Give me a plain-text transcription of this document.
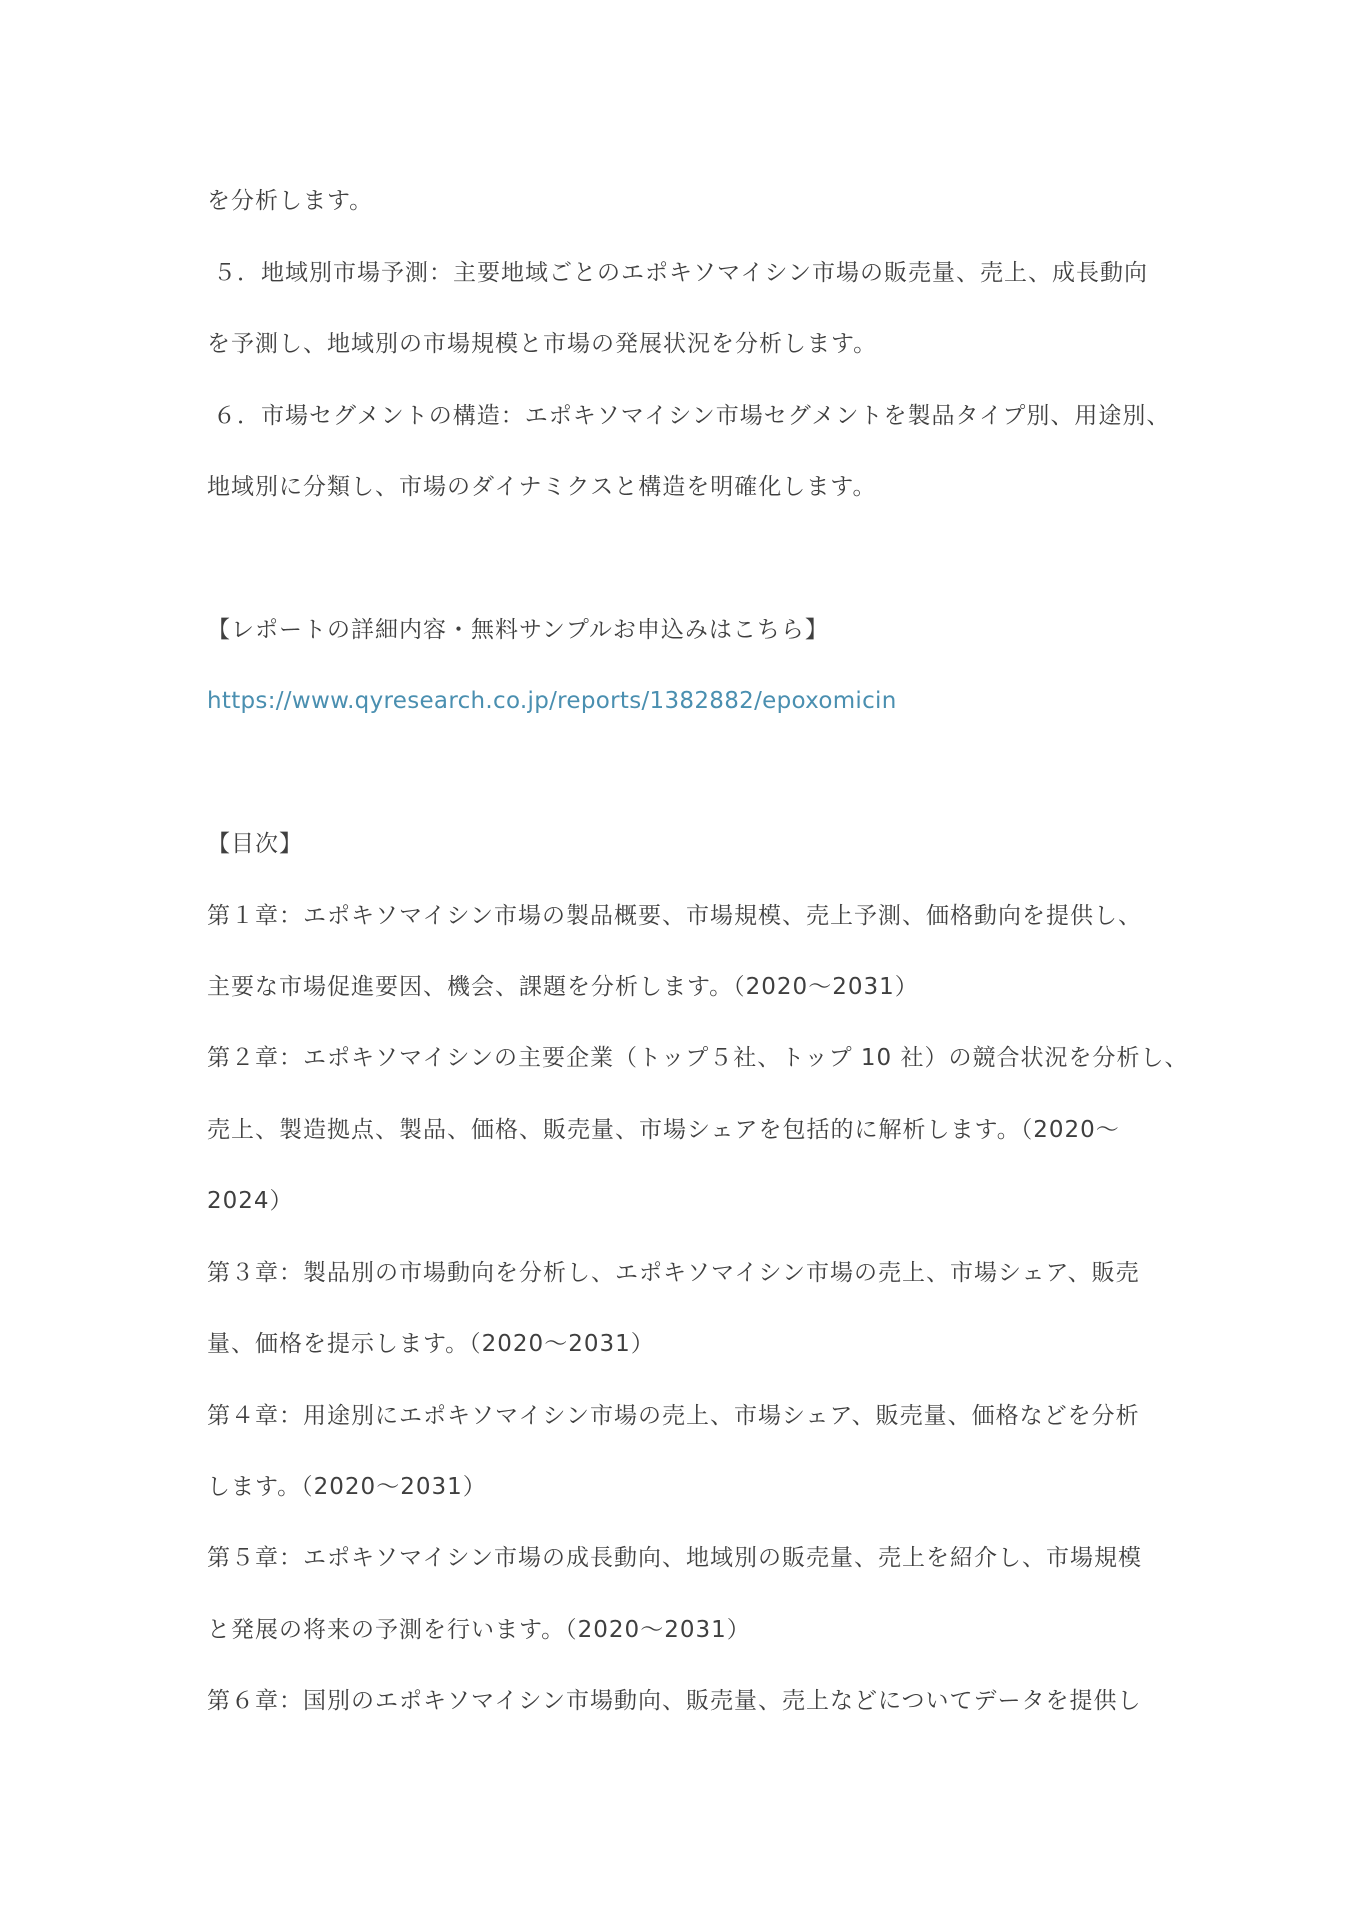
を分析します。
５．地域別市場予測：主要地域ごとのエポキソマイシン市場の販売量、売上、成長動向
を予測し、地域別の市場規模と市場の発展状況を分析します。
６．市場セグメントの構造：エポキソマイシン市場セグメントを製品タイプ別、用途別、
地域別に分類し、市場のダイナミクスと構造を明確化します。
【レポートの詳細内容・無料サンプルお申込みはこちら】
https://www.qyresearch.co.jp/reports/1382882/epoxomicin
【目次】
第１章：エポキソマイシン市場の製品概要、市場規模、売上予測、価格動向を提供し、
主要な市場促進要因、機会、課題を分析します。（2020～2031）
第２章：エポキソマイシンの主要企業（トップ５社、トップ 10 社）の競合状況を分析し、
売上、製造拠点、製品、価格、販売量、市場シェアを包括的に解析します。（2020～
2024）
第３章：製品別の市場動向を分析し、エポキソマイシン市場の売上、市場シェア、販売
量、価格を提示します。（2020～2031）
第４章：用途別にエポキソマイシン市場の売上、市場シェア、販売量、価格などを分析
します。（2020～2031）
第５章：エポキソマイシン市場の成長動向、地域別の販売量、売上を紹介し、市場規模
と発展の将来の予測を行います。（2020～2031）
第６章：国別のエポキソマイシン市場動向、販売量、売上などについてデータを提供し
